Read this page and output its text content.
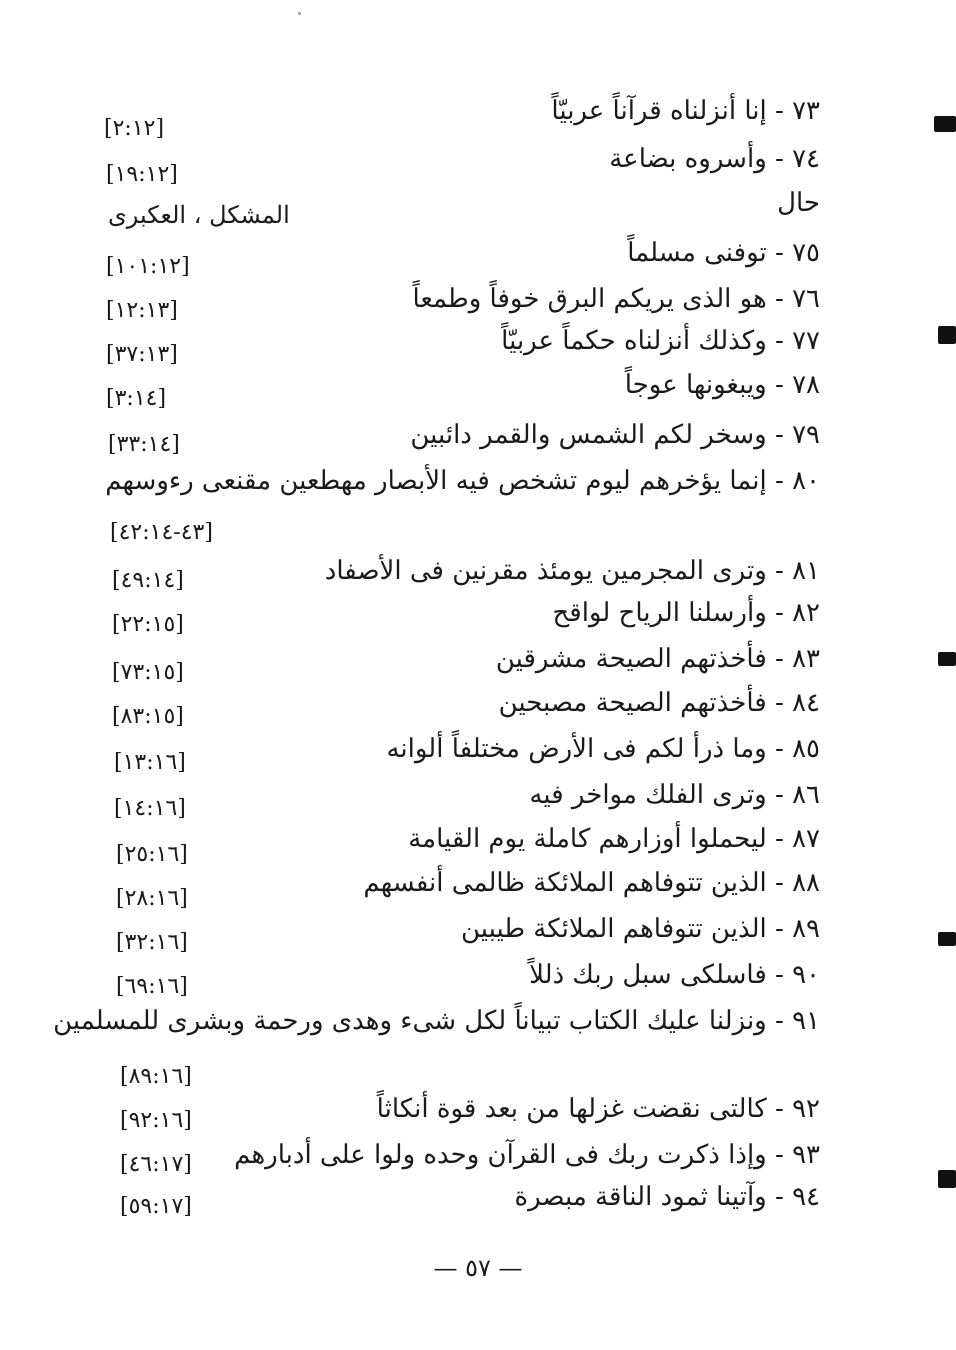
٧٣ - إنا أنزلناه قرآناً عربيّاً
[٢:١٢]
٧٤ - وأسروه بضاعة
[١٩:١٢]
حال
المشكل ، العكبرى
٧٥ - توفنى مسلماً
[١٠١:١٢]
٧٦ - هو الذى يريكم البرق خوفاً وطمعاً
[١٢:١٣]
٧٧ - وكذلك أنزلناه حكماً عربيّاً
[٣٧:١٣]
٧٨ - ويبغونها عوجاً
[٣:١٤]
٧٩ - وسخر لكم الشمس والقمر دائبين
[٣٣:١٤]
٨٠ - إنما يؤخرهم ليوم تشخص فيه الأبصار مهطعين مقنعى رءوسهم
[٤٣-٤٢:١٤]
٨١ - وترى المجرمين يومئذ مقرنين فى الأصفاد
[٤٩:١٤]
٨٢ - وأرسلنا الرياح لواقح
[٢٢:١٥]
٨٣ - فأخذتهم الصيحة مشرقين
[٧٣:١٥]
٨٤ - فأخذتهم الصيحة مصبحين
[٨٣:١٥]
٨٥ - وما ذرأ لكم فى الأرض مختلفاً ألوانه
[١٣:١٦]
٨٦ - وترى الفلك مواخر فيه
[١٤:١٦]
٨٧ - ليحملوا أوزارهم كاملة يوم القيامة
[٢٥:١٦]
٨٨ - الذين تتوفاهم الملائكة ظالمى أنفسهم
[٢٨:١٦]
٨٩ - الذين تتوفاهم الملائكة طيبين
[٣٢:١٦]
٩٠ - فاسلكى سبل ربك ذللاً
[٦٩:١٦]
٩١ - ونزلنا عليك الكتاب تبياناً لكل شىء وهدى ورحمة وبشرى للمسلمين
[٨٩:١٦]
٩٢ - كالتى نقضت غزلها من بعد قوة أنكاثاً
[٩٢:١٦]
٩٣ - وإذا ذكرت ربك فى القرآن وحده ولوا على أدبارهم
[٤٦:١٧]
٩٤ - وآتينا ثمود الناقة مبصرة
[٥٩:١٧]
— ٥٧ —
